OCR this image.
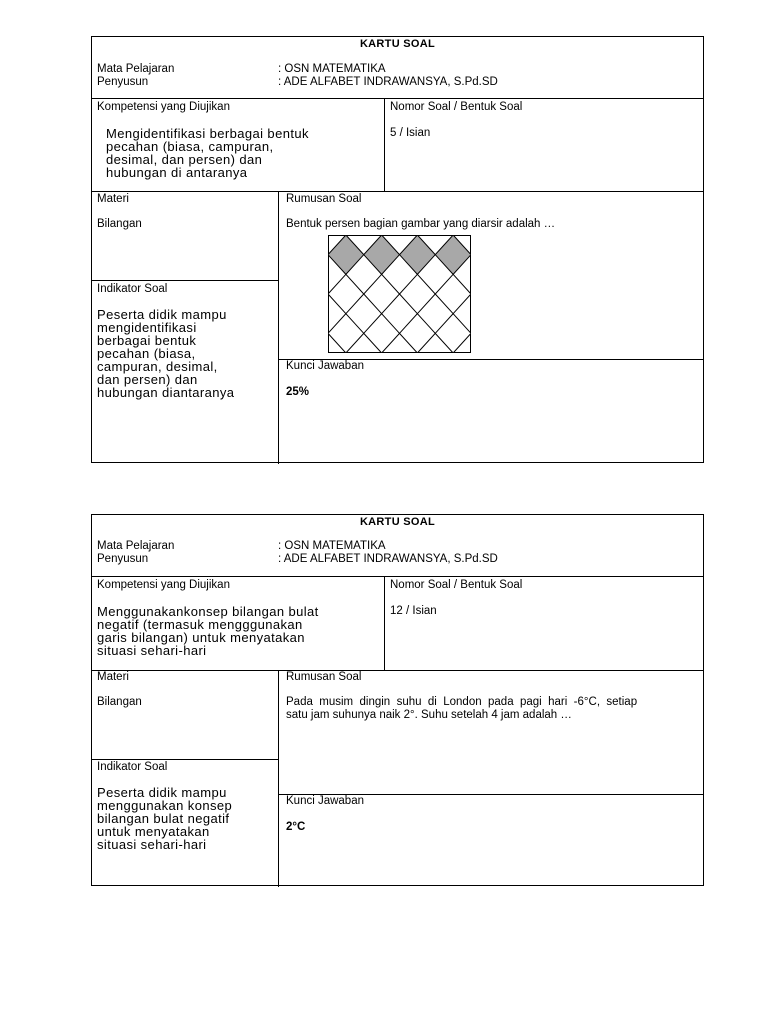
KARTU SOAL
Mata Pelajaran	: OSN MATEMATIKA
Penyusun	: ADE ALFABET INDRAWANSYA, S.Pd.SD
Kompetensi yang Diujikan
Mengidentifikasi berbagai bentuk
pecahan (biasa, campuran,
desimal, dan persen) dan
hubungan di antaranya
Nomor Soal / Bentuk Soal
5 / Isian
Materi
Bilangan
Rumusan Soal
Bentuk persen bagian gambar yang diarsir adalah …
Indikator Soal
Peserta didik mampu
mengidentifikasi
berbagai bentuk
pecahan (biasa,
campuran, desimal,
dan persen) dan
hubungan diantaranya
Kunci Jawaban
25%
KARTU SOAL
Mata Pelajaran	: OSN MATEMATIKA
Penyusun	: ADE ALFABET INDRAWANSYA, S.Pd.SD
Kompetensi yang Diujikan
Menggunakankonsep bilangan bulat
negatif (termasuk mengggunakan
garis bilangan) untuk menyatakan
situasi sehari-hari
Nomor Soal / Bentuk Soal
12 / Isian
Materi
Bilangan
Rumusan Soal
Pada  musim  dingin  suhu  di  London  pada  pagi  hari  -6°C,  setiap
satu jam suhunya naik 2°. Suhu setelah 4 jam adalah …
Indikator Soal
Peserta didik mampu
menggunakan konsep
bilangan bulat negatif
untuk menyatakan
situasi sehari-hari
Kunci Jawaban
2°C
